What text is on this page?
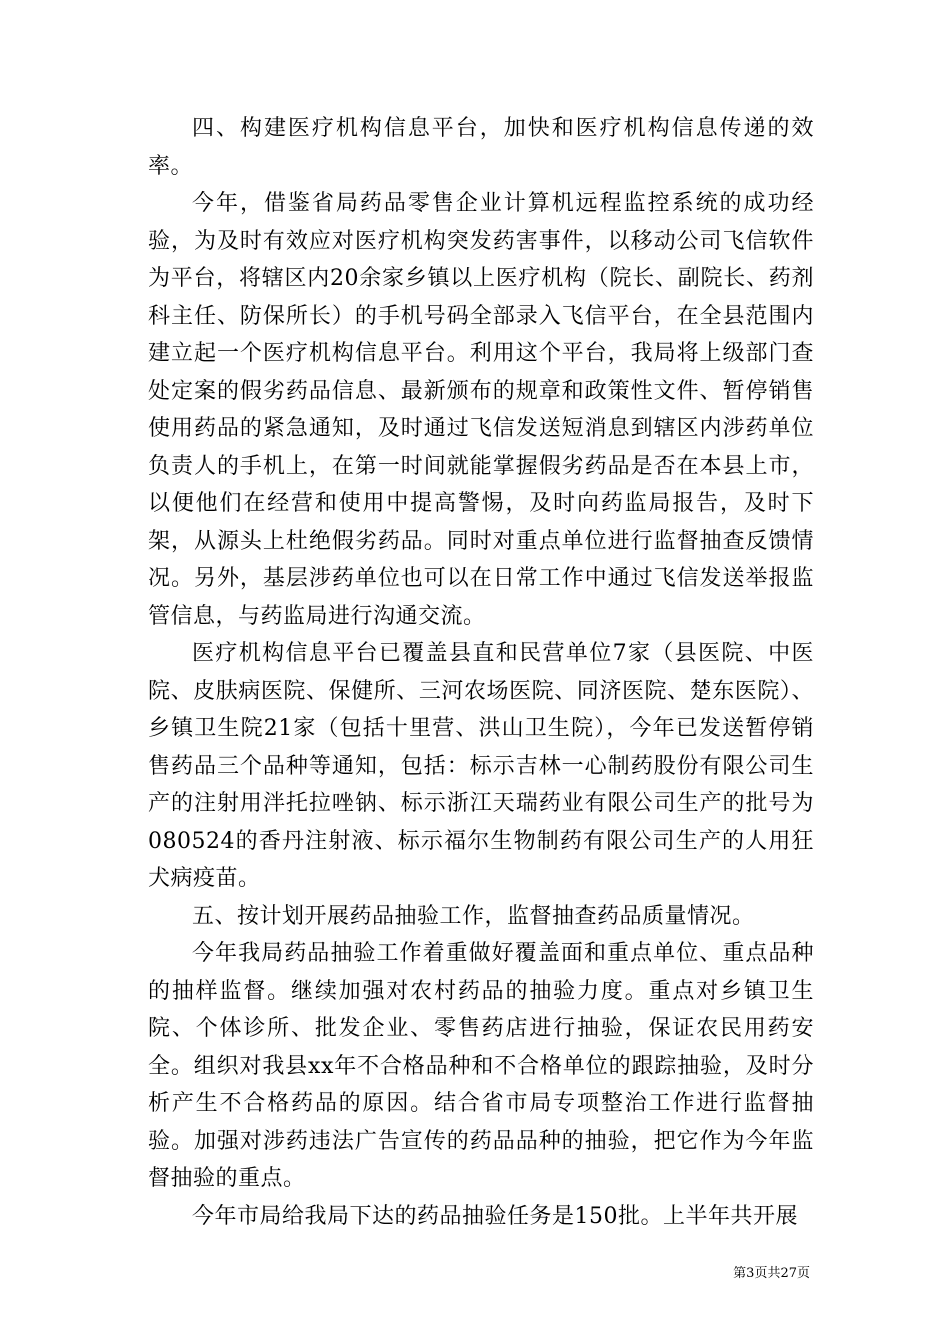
四、构建医疗机构信息平台，加快和医疗机构信息传递的效率。

今年，借鉴省局药品零售企业计算机远程监控系统的成功经验，为及时有效应对医疗机构突发药害事件，以移动公司飞信软件为平台，将辖区内20余家乡镇以上医疗机构（院长、副院长、药剂科主任、防保所长）的手机号码全部录入飞信平台，在全县范围内建立起一个医疗机构信息平台。利用这个平台，我局将上级部门查处定案的假劣药品信息、最新颁布的规章和政策性文件、暂停销售使用药品的紧急通知，及时通过飞信发送短消息到辖区内涉药单位负责人的手机上，在第一时间就能掌握假劣药品是否在本县上市，以便他们在经营和使用中提高警惕，及时向药监局报告，及时下架，从源头上杜绝假劣药品。同时对重点单位进行监督抽查反馈情况。另外，基层涉药单位也可以在日常工作中通过飞信发送举报监管信息，与药监局进行沟通交流。

医疗机构信息平台已覆盖县直和民营单位7家（县医院、中医院、皮肤病医院、保健所、三河农场医院、同济医院、楚东医院）、乡镇卫生院21家（包括十里营、洪山卫生院），今年已发送暂停销售药品三个品种等通知，包括：标示吉林一心制药股份有限公司生产的注射用泮托拉唑钠、标示浙江天瑞药业有限公司生产的批号为080524的香丹注射液、标示福尔生物制药有限公司生产的人用狂犬病疫苗。

五、按计划开展药品抽验工作，监督抽查药品质量情况。

今年我局药品抽验工作着重做好覆盖面和重点单位、重点品种的抽样监督。继续加强对农村药品的抽验力度。重点对乡镇卫生院、个体诊所、批发企业、零售药店进行抽验，保证农民用药安全。组织对我县xx年不合格品种和不合格单位的跟踪抽验，及时分析产生不合格药品的原因。结合省市局专项整治工作进行监督抽验。加强对涉药违法广告宣传的药品品种的抽验，把它作为今年监督抽验的重点。

今年市局给我局下达的药品抽验任务是150批。上半年共开展

第3页共27页
